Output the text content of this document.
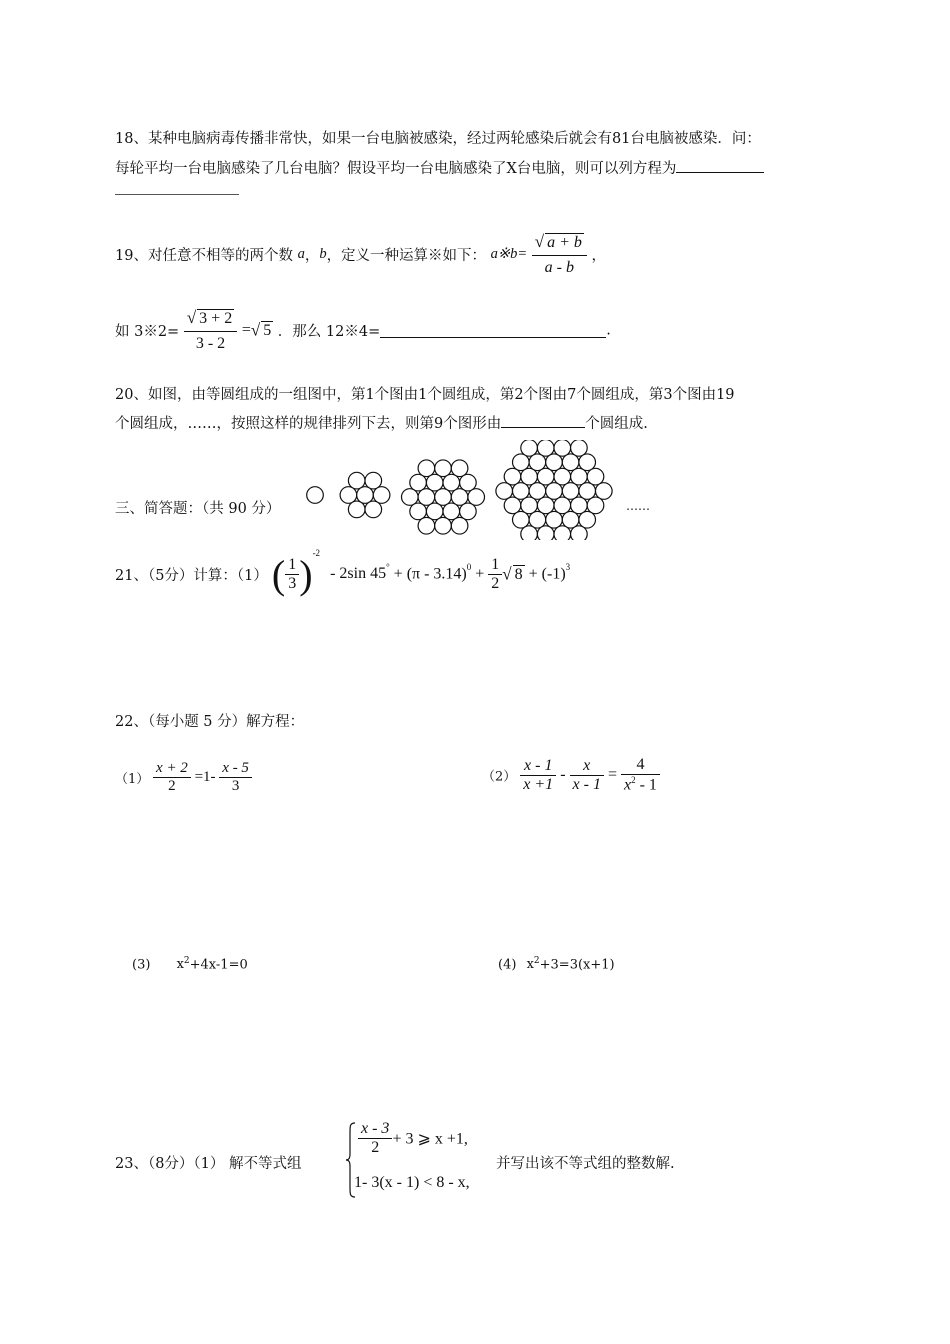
18、某种电脑病毒传播非常快，如果一台电脑被感染，经过两轮感染后就会有81台电脑被感染．问：
每轮平均一台电脑感染了几台电脑？假设平均一台电脑感染了X台电脑，则可以列方程为
19、对任意不相等的两个数 a，b，定义一种运算※如下： a※b= $\frac{√ a + b}{a - b}$ ，
如 3※2= $\frac{√ 3 + 2}{3 - 2}$ =√ 5 ．那么 12※4=	.
20、如图，由等圆组成的一组图中，第1个图由1个圆组成，第2个图由7个圆组成，第3个图由19
个圆组成，……，按照这样的规律排列下去，则第9个图形由	个圆组成.
三、简答题：（共 90 分）	……
21、（5分）计算：（1） ( $\frac{1}{3} )^{-2} - 2\sin$ $45^\circ + (\pi - 3.14)^0 + \frac{1}{2}$ √ $8 + (-1)^3$
22、（每小题 5 分）解方程：
$(1) \frac{x + 2}{2} =1- \frac{x - 5}{3}$	$(2) \frac{x - 1}{x +1} - \frac{x}{x - 1} = \frac{4}{x^2 - 1}$
(3) $x^2+4x-1=0$	(4) $x^2+3=3(x+1)$
23、（8分）（1） 解不等式组
$\frac{x - 3}{2} + 3$ ⩾ x +1,
1- 3(x - 1) < 8 - x,
并写出该不等式组的整数解.
